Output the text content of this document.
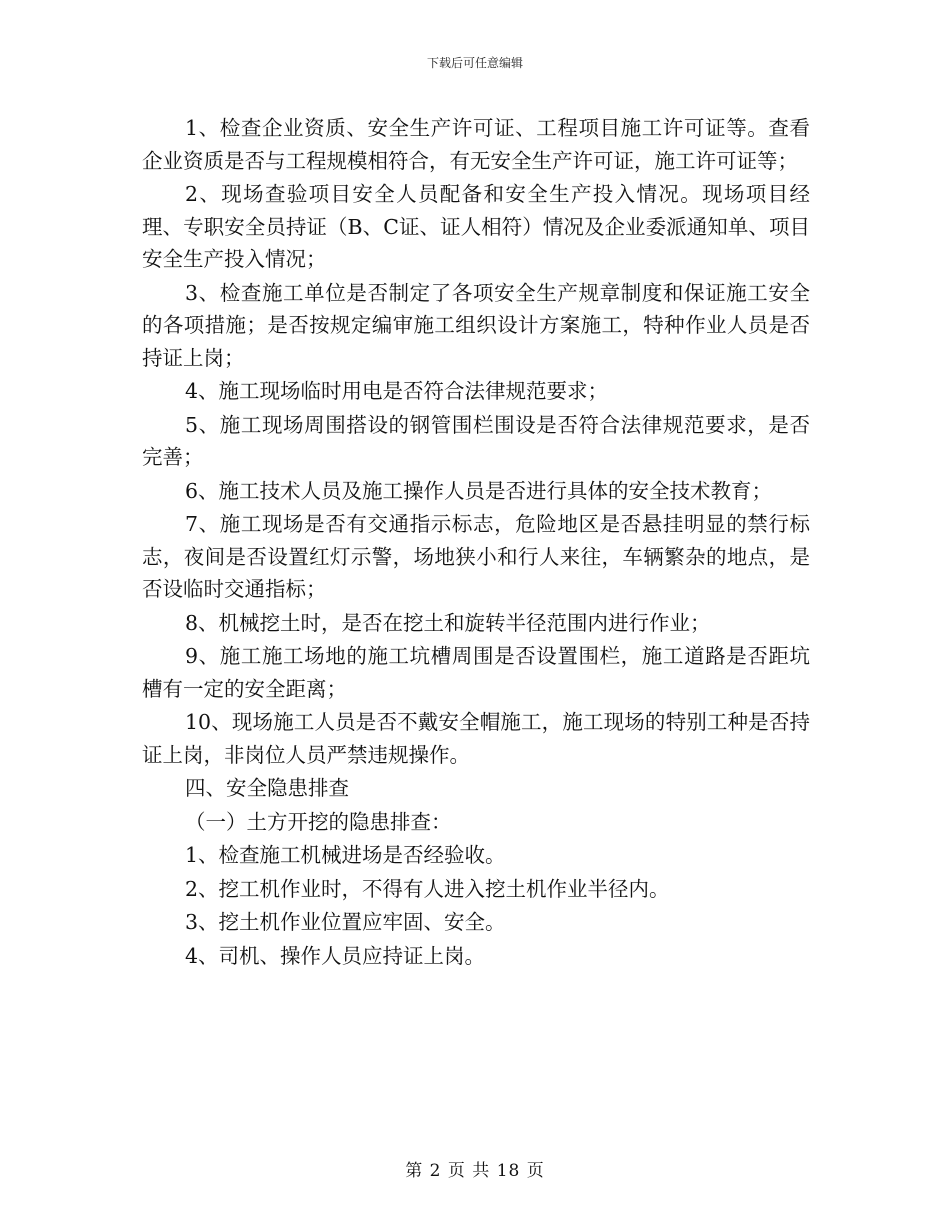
下载后可任意编辑

1、检查企业资质、安全生产许可证、工程项目施工许可证等。查看企业资质是否与工程规模相符合，有无安全生产许可证，施工许可证等；

2、现场查验项目安全人员配备和安全生产投入情况。现场项目经理、专职安全员持证（B、C证、证人相符）情况及企业委派通知单、项目安全生产投入情况；

3、检查施工单位是否制定了各项安全生产规章制度和保证施工安全的各项措施；是否按规定编审施工组织设计方案施工，特种作业人员是否持证上岗；

4、施工现场临时用电是否符合法律规范要求；

5、施工现场周围搭设的钢管围栏围设是否符合法律规范要求，是否完善；

6、施工技术人员及施工操作人员是否进行具体的安全技术教育；

7、施工现场是否有交通指示标志，危险地区是否悬挂明显的禁行标志，夜间是否设置红灯示警，场地狭小和行人来往，车辆繁杂的地点，是否设临时交通指标；

8、机械挖土时，是否在挖土和旋转半径范围内进行作业；

9、施工施工场地的施工坑槽周围是否设置围栏，施工道路是否距坑槽有一定的安全距离；

10、现场施工人员是否不戴安全帽施工，施工现场的特别工种是否持证上岗，非岗位人员严禁违规操作。

四、安全隐患排查

（一）土方开挖的隐患排查：

1、检查施工机械进场是否经验收。

2、挖工机作业时，不得有人进入挖土机作业半径内。

3、挖土机作业位置应牢固、安全。

4、司机、操作人员应持证上岗。

第 2 页 共 18 页
